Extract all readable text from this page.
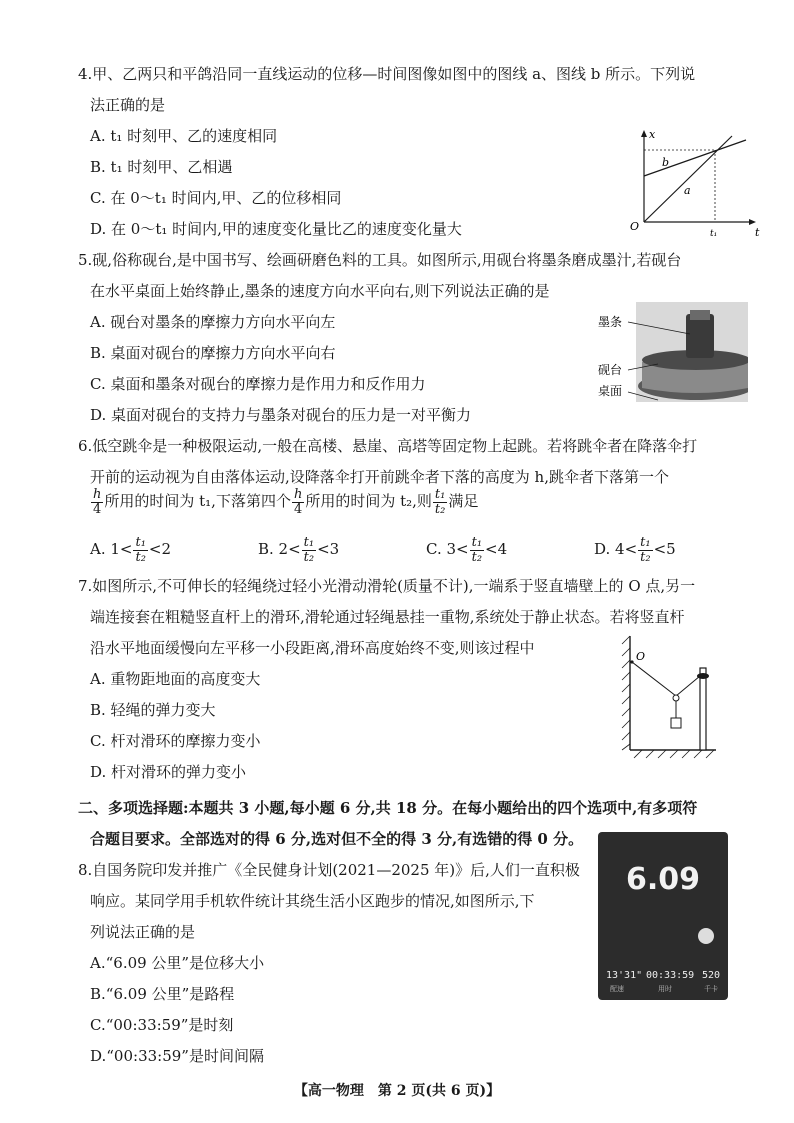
4.甲、乙两只和平鸽沿同一直线运动的位移—时间图像如图中的图线 a、图线 b 所示。下列说
法正确的是
A. t₁ 时刻甲、乙的速度相同
B. t₁ 时刻甲、乙相遇
C. 在 0～t₁ 时间内,甲、乙的位移相同
D. 在 0～t₁ 时间内,甲的速度变化量比乙的速度变化量大
x
t
O
a
b
t₁
5.砚,俗称砚台,是中国书写、绘画研磨色料的工具。如图所示,用砚台将墨条磨成墨汁,若砚台
在水平桌面上始终静止,墨条的速度方向水平向右,则下列说法正确的是
A. 砚台对墨条的摩擦力方向水平向左
B. 桌面对砚台的摩擦力方向水平向右
C. 桌面和墨条对砚台的摩擦力是作用力和反作用力
D. 桌面对砚台的支持力与墨条对砚台的压力是一对平衡力
墨条
砚台
桌面
6.低空跳伞是一种极限运动,一般在高楼、悬崖、高塔等固定物上起跳。若将跳伞者在降落伞打
开前的运动视为自由落体运动,设降落伞打开前跳伞者下落的高度为 h,跳伞者下落第一个
$\frac{h}{4}$ 所用的时间为 t₁,下落第四个 $\frac{h}{4}$ 所用的时间为 t₂,则 $\frac{\text{t₁}}{\text{t₂}}$ 满足
A. $1< \frac{\text{t₁}}{\text{t₂}} <2$	B. $2< \frac{\text{t₁}}{\text{t₂}} <3$	C. $3< \frac{\text{t₁}}{\text{t₂}} <4$	D. $4< \frac{\text{t₁}}{\text{t₂}} <5$
7.如图所示,不可伸长的轻绳绕过轻小光滑动滑轮(质量不计),一端系于竖直墙壁上的 O 点,另一
端连接套在粗糙竖直杆上的滑环,滑轮通过轻绳悬挂一重物,系统处于静止状态。若将竖直杆
沿水平地面缓慢向左平移一小段距离,滑环高度始终不变,则该过程中
A. 重物距地面的高度变大
B. 轻绳的弹力变大
C. 杆对滑环的摩擦力变小
D. 杆对滑环的弹力变小
O
二、多项选择题:本题共 3 小题,每小题 6 分,共 18 分。在每小题给出的四个选项中,有多项符
合题目要求。全部选对的得 6 分,选对但不全的得 3 分,有选错的得 0 分。
8.自国务院印发并推广《全民健身计划(2021—2025 年)》后,人们一直积极
响应。某同学用手机软件统计其绕生活小区跑步的情况,如图所示,下
列说法正确的是
A.“6.09 公里”是位移大小
B.“6.09 公里”是路程
C.“00:33:59”是时刻
6.09
13'31" 00:33:59 520
配速	用时	千卡
【高一物理　第 2 页(共 6 页)】
D.“00:33:59”是时间间隔
